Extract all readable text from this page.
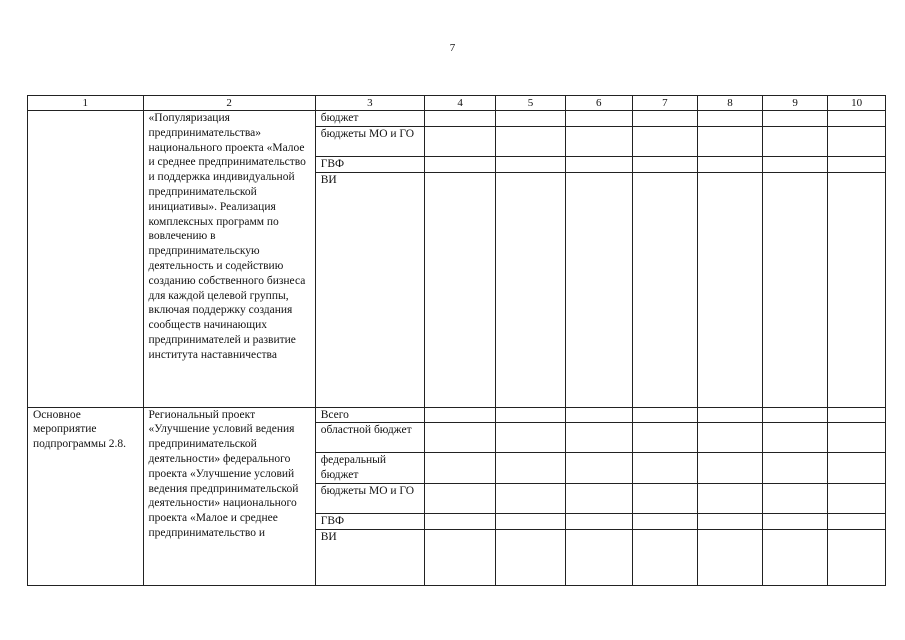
7
1	2	3	4	5	6	7	8	9	10
	«Популяризация предпринимательства» национального проекта «Малое и среднее предпринимательство и поддержка индивидуальной предпринимательской инициативы». Реализация комплексных программ по вовлечению в предпринимательскую деятельность и содействию созданию собственного бизнеса для каждой целевой группы, включая поддержку создания сообществ начинающих предпринимателей и развитие института наставничества	бюджет							
		бюджеты МО и ГО							
		ГВФ							
		ВИ							
Основное мероприятие подпрограммы 2.8.	Региональный проект «Улучшение условий ведения предпринимательской деятельности» федерального проекта «Улучшение условий ведения предпринимательской деятельности» национального проекта «Малое и среднее предпринимательство и	Всего							
		областной бюджет							
		федеральный бюджет							
		бюджеты МО и ГО							
		ГВФ							
		ВИ							
